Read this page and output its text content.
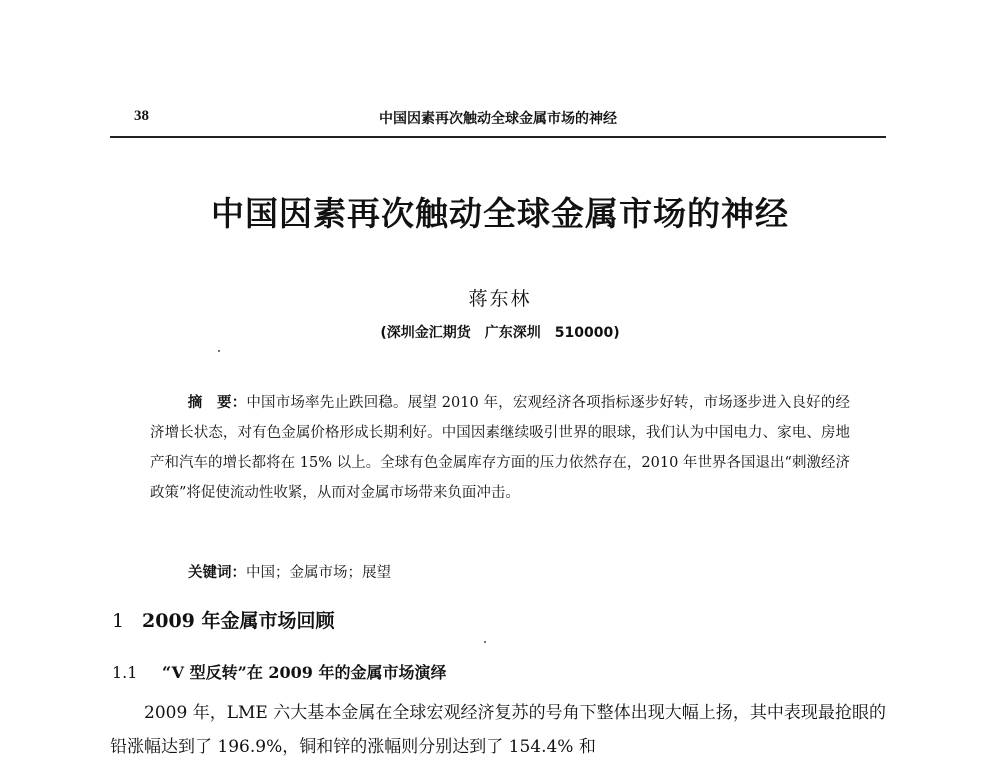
38	中国因素再次触动全球金属市场的神经
中国因素再次触动全球金属市场的神经
蒋东林
(深圳金汇期货　广东深圳　510000)
摘　要：中国市场率先止跌回稳。展望 2010 年，宏观经济各项指标逐步好转，市场逐步进入良好的经济增长状态，对有色金属价格形成长期利好。中国因素继续吸引世界的眼球，我们认为中国电力、家电、房地产和汽车的增长都将在 15% 以上。全球有色金属库存方面的压力依然存在，2010 年世界各国退出“刺激经济政策”将促使流动性收紧，从而对金属市场带来负面冲击。
关键词：中国；金属市场；展望
1 2009 年金属市场回顾
1.1 “V 型反转”在 2009 年的金属市场演绎
2009 年，LME 六大基本金属在全球宏观经济复苏的号角下整体出现大幅上扬，其中表现最抢眼的铅涨幅达到了 196.9%，铜和锌的涨幅则分别达到了 154.4% 和
